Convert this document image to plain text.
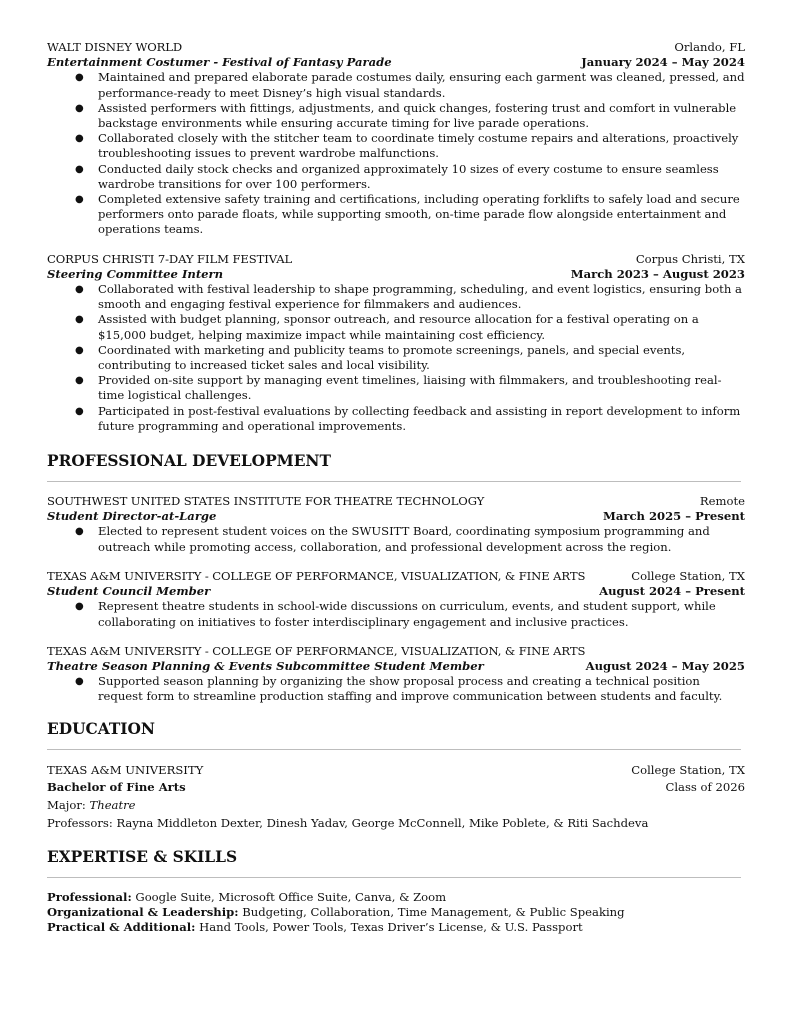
WALT DISNEY WORLD	Orlando, FL
Entertainment Costumer - Festival of Fantasy Parade	January 2024 – May 2024
● Maintained and prepared elaborate parade costumes daily, ensuring each garment was cleaned, pressed, and performance-ready to meet Disney’s high visual standards.
● Assisted performers with fittings, adjustments, and quick changes, fostering trust and comfort in vulnerable backstage environments while ensuring accurate timing for live parade operations.
● Collaborated closely with the stitcher team to coordinate timely costume repairs and alterations, proactively troubleshooting issues to prevent wardrobe malfunctions.
● Conducted daily stock checks and organized approximately 10 sizes of every costume to ensure seamless wardrobe transitions for over 100 performers.
● Completed extensive safety training and certifications, including operating forklifts to safely load and secure performers onto parade floats, while supporting smooth, on-time parade flow alongside entertainment and operations teams.
CORPUS CHRISTI 7-DAY FILM FESTIVAL	Corpus Christi, TX
Steering Committee Intern	March 2023 – August 2023
● Collaborated with festival leadership to shape programming, scheduling, and event logistics, ensuring both a smooth and engaging festival experience for filmmakers and audiences.
● Assisted with budget planning, sponsor outreach, and resource allocation for a festival operating on a $15,000 budget, helping maximize impact while maintaining cost efficiency.
● Coordinated with marketing and publicity teams to promote screenings, panels, and special events, contributing to increased ticket sales and local visibility.
● Provided on-site support by managing event timelines, liaising with filmmakers, and troubleshooting real-time logistical challenges.
● Participated in post-festival evaluations by collecting feedback and assisting in report development to inform future programming and operational improvements.
PROFESSIONAL DEVELOPMENT
SOUTHWEST UNITED STATES INSTITUTE FOR THEATRE TECHNOLOGY	Remote
Student Director-at-Large	March 2025 – Present
● Elected to represent student voices on the SWUSITT Board, coordinating symposium programming and outreach while promoting access, collaboration, and professional development across the region.
TEXAS A&M UNIVERSITY - COLLEGE OF PERFORMANCE, VISUALIZATION, & FINE ARTS	College Station, TX
Student Council Member	August 2024 – Present
● Represent theatre students in school-wide discussions on curriculum, events, and student support, while collaborating on initiatives to foster interdisciplinary engagement and inclusive practices.
TEXAS A&M UNIVERSITY - COLLEGE OF PERFORMANCE, VISUALIZATION, & FINE ARTS
Theatre Season Planning & Events Subcommittee Student Member	August 2024 – May 2025
● Supported season planning by organizing the show proposal process and creating a technical position request form to streamline production staffing and improve communication between students and faculty.
EDUCATION
TEXAS A&M UNIVERSITY	College Station, TX
Bachelor of Fine Arts	Class of 2026
Major: Theatre
Professors: Rayna Middleton Dexter, Dinesh Yadav, George McConnell, Mike Poblete, & Riti Sachdeva
EXPERTISE & SKILLS
Professional: Google Suite, Microsoft Office Suite, Canva, & Zoom
Organizational & Leadership: Budgeting, Collaboration, Time Management, & Public Speaking
Practical & Additional: Hand Tools, Power Tools, Texas Driver’s License, & U.S. Passport
